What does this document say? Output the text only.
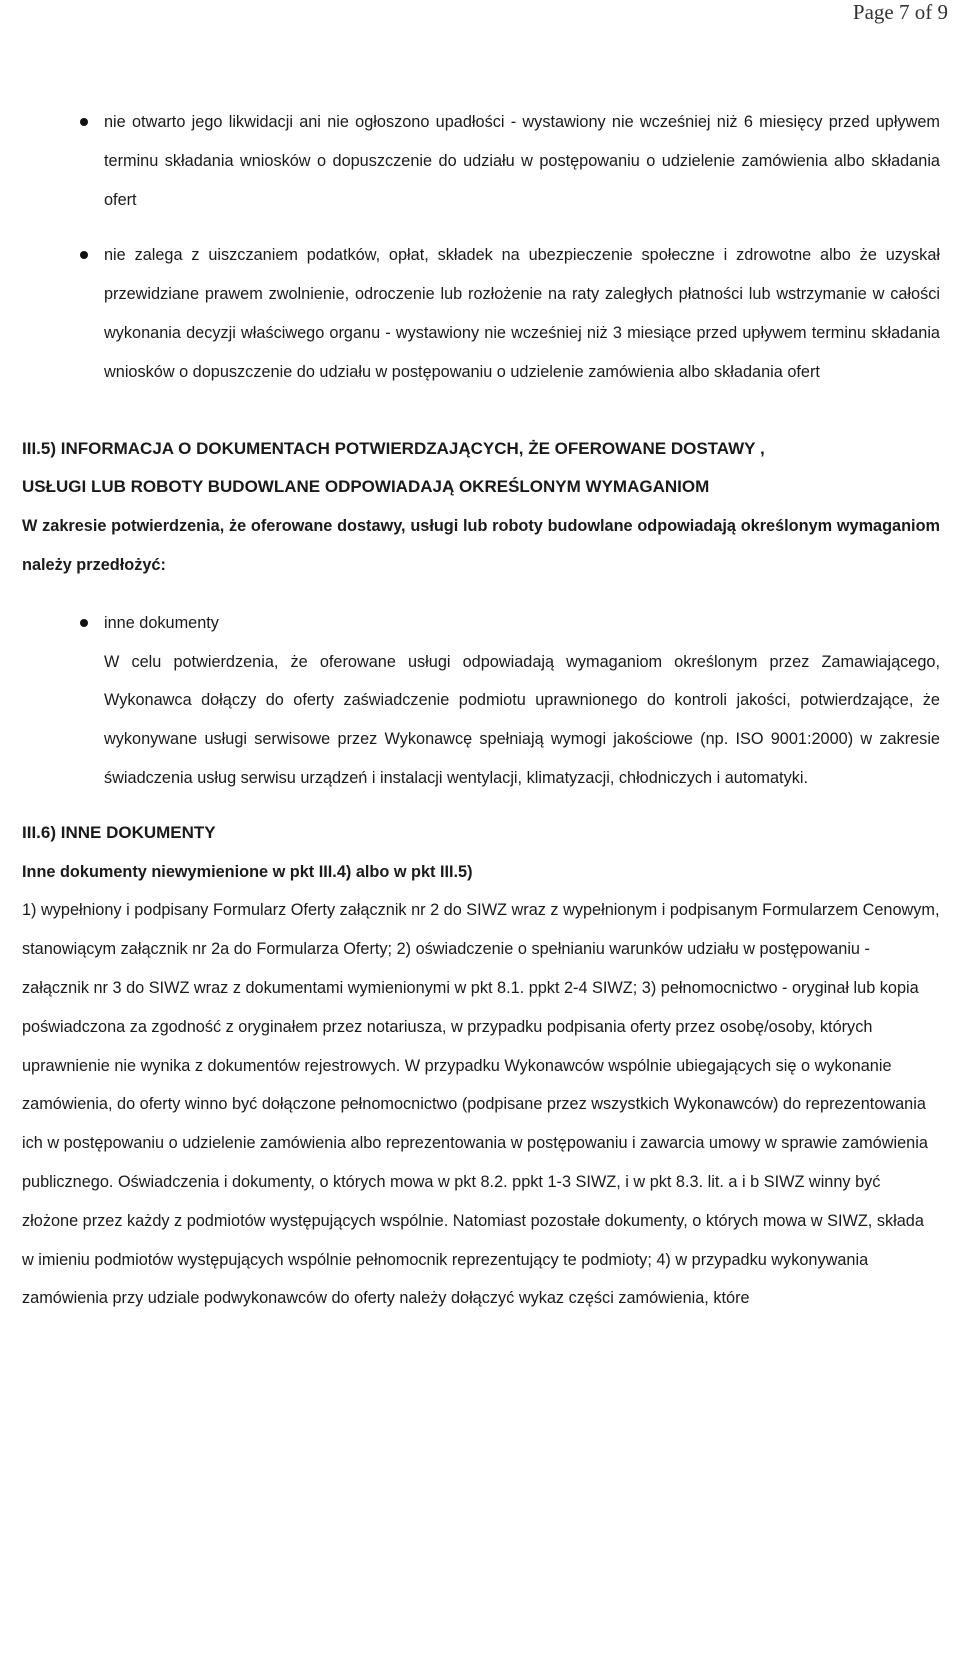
Page 7 of 9

nie otwarto jego likwidacji ani nie ogłoszono upadłości - wystawiony nie wcześniej niż 6 miesięcy przed upływem terminu składania wniosków o dopuszczenie do udziału w postępowaniu o udzielenie zamówienia albo składania ofert

nie zalega z uiszczaniem podatków, opłat, składek na ubezpieczenie społeczne i zdrowotne albo że uzyskał przewidziane prawem zwolnienie, odroczenie lub rozłożenie na raty zaległych płatności lub wstrzymanie w całości wykonania decyzji właściwego organu - wystawiony nie wcześniej niż 3 miesiące przed upływem terminu składania wniosków o dopuszczenie do udziału w postępowaniu o udzielenie zamówienia albo składania ofert

III.5) INFORMACJA O DOKUMENTACH POTWIERDZAJĄCYCH, ŻE OFEROWANE DOSTAWY ,

USŁUGI LUB ROBOTY BUDOWLANE ODPOWIADAJĄ OKREŚLONYM WYMAGANIOM

W zakresie potwierdzenia, że oferowane dostawy, usługi lub roboty budowlane odpowiadają określonym wymaganiom należy przedłożyć:

inne dokumenty

W celu potwierdzenia, że oferowane usługi odpowiadają wymaganiom określonym przez Zamawiającego, Wykonawca dołączy do oferty zaświadczenie podmiotu uprawnionego do kontroli jakości, potwierdzające, że wykonywane usługi serwisowe przez Wykonawcę spełniają wymogi jakościowe (np. ISO 9001:2000) w zakresie świadczenia usług serwisu urządzeń i instalacji wentylacji, klimatyzacji, chłodniczych i automatyki.

III.6) INNE DOKUMENTY

Inne dokumenty niewymienione w pkt III.4) albo w pkt III.5)

1) wypełniony i podpisany Formularz Oferty załącznik nr 2 do SIWZ wraz z wypełnionym i podpisanym Formularzem Cenowym, stanowiącym załącznik nr 2a do Formularza Oferty; 2) oświadczenie o spełnianiu warunków udziału w postępowaniu - załącznik nr 3 do SIWZ wraz z dokumentami wymienionymi w pkt 8.1. ppkt 2-4 SIWZ; 3) pełnomocnictwo - oryginał lub kopia poświadczona za zgodność z oryginałem przez notariusza, w przypadku podpisania oferty przez osobę/osoby, których uprawnienie nie wynika z dokumentów rejestrowych. W przypadku Wykonawców wspólnie ubiegających się o wykonanie zamówienia, do oferty winno być dołączone pełnomocnictwo (podpisane przez wszystkich Wykonawców) do reprezentowania ich w postępowaniu o udzielenie zamówienia albo reprezentowania w postępowaniu i zawarcia umowy w sprawie zamówienia publicznego. Oświadczenia i dokumenty, o których mowa w pkt 8.2. ppkt 1-3 SIWZ, i w pkt 8.3. lit. a i b SIWZ winny być złożone przez każdy z podmiotów występujących wspólnie. Natomiast pozostałe dokumenty, o których mowa w SIWZ, składa w imieniu podmiotów występujących wspólnie pełnomocnik reprezentujący te podmioty; 4) w przypadku wykonywania zamówienia przy udziale podwykonawców do oferty należy dołączyć wykaz części zamówienia, które
